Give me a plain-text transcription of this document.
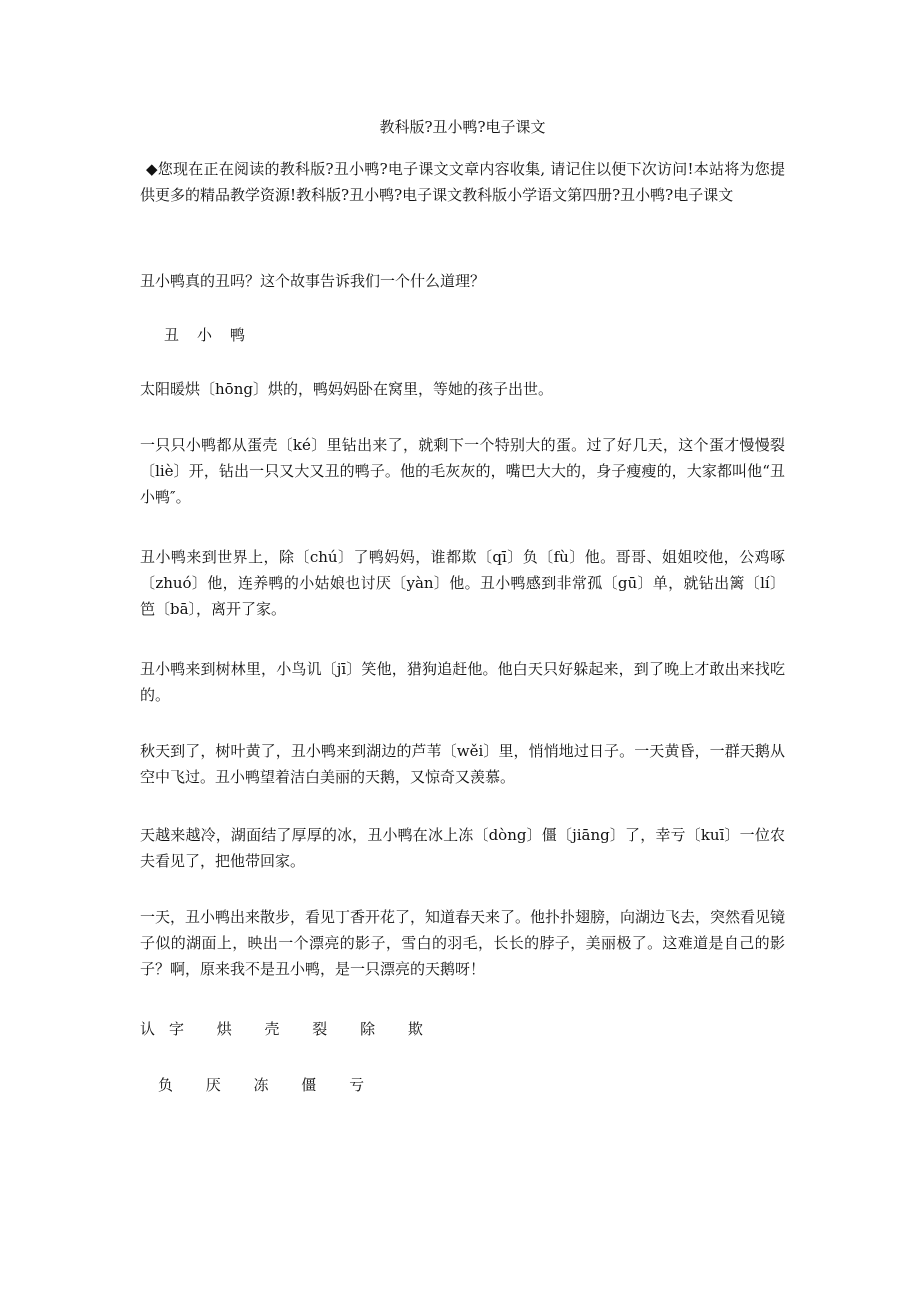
教科版?丑小鸭?电子课文

◆您现在正在阅读的教科版?丑小鸭?电子课文文章内容收集, 请记住以便下次访问!本站将为您提供更多的精品教学资源!教科版?丑小鸭?电子课文教科版小学语文第四册?丑小鸭?电子课文

丑小鸭真的丑吗？这个故事告诉我们一个什么道理？

丑小鸭

太阳暖烘〔hōng〕烘的，鸭妈妈卧在窝里，等她的孩子出世。

一只只小鸭都从蛋壳〔ké〕里钻出来了，就剩下一个特别大的蛋。过了好几天，这个蛋才慢慢裂〔liè〕开，钻出一只又大又丑的鸭子。他的毛灰灰的，嘴巴大大的，身子瘦瘦的，大家都叫他“丑小鸭″。

丑小鸭来到世界上，除〔chú〕了鸭妈妈，谁都欺〔qī〕负〔fù〕他。哥哥、姐姐咬他，公鸡啄〔zhuó〕他，连养鸭的小姑娘也讨厌〔yàn〕他。丑小鸭感到非常孤〔gū〕单，就钻出篱〔lí〕笆〔bā〕，离开了家。

丑小鸭来到树林里，小鸟讥〔jī〕笑他，猎狗追赶他。他白天只好躲起来，到了晚上才敢出来找吃的。

秋天到了，树叶黄了，丑小鸭来到湖边的芦苇〔wěi〕里，悄悄地过日子。一天黄昏，一群天鹅从空中飞过。丑小鸭望着洁白美丽的天鹅，又惊奇又羡慕。

天越来越冷，湖面结了厚厚的冰，丑小鸭在冰上冻〔dòng〕僵〔jiāng〕了，幸亏〔kuī〕一位农夫看见了，把他带回家。

一天，丑小鸭出来散步，看见丁香开花了，知道春天来了。他扑扑翅膀，向湖边飞去，突然看见镜子似的湖面上，映出一个漂亮的影子，雪白的羽毛，长长的脖子，美丽极了。这难道是自己的影子？啊，原来我不是丑小鸭，是一只漂亮的天鹅呀！

认字 烘 壳 裂 除 欺

负 厌 冻 僵 亏
